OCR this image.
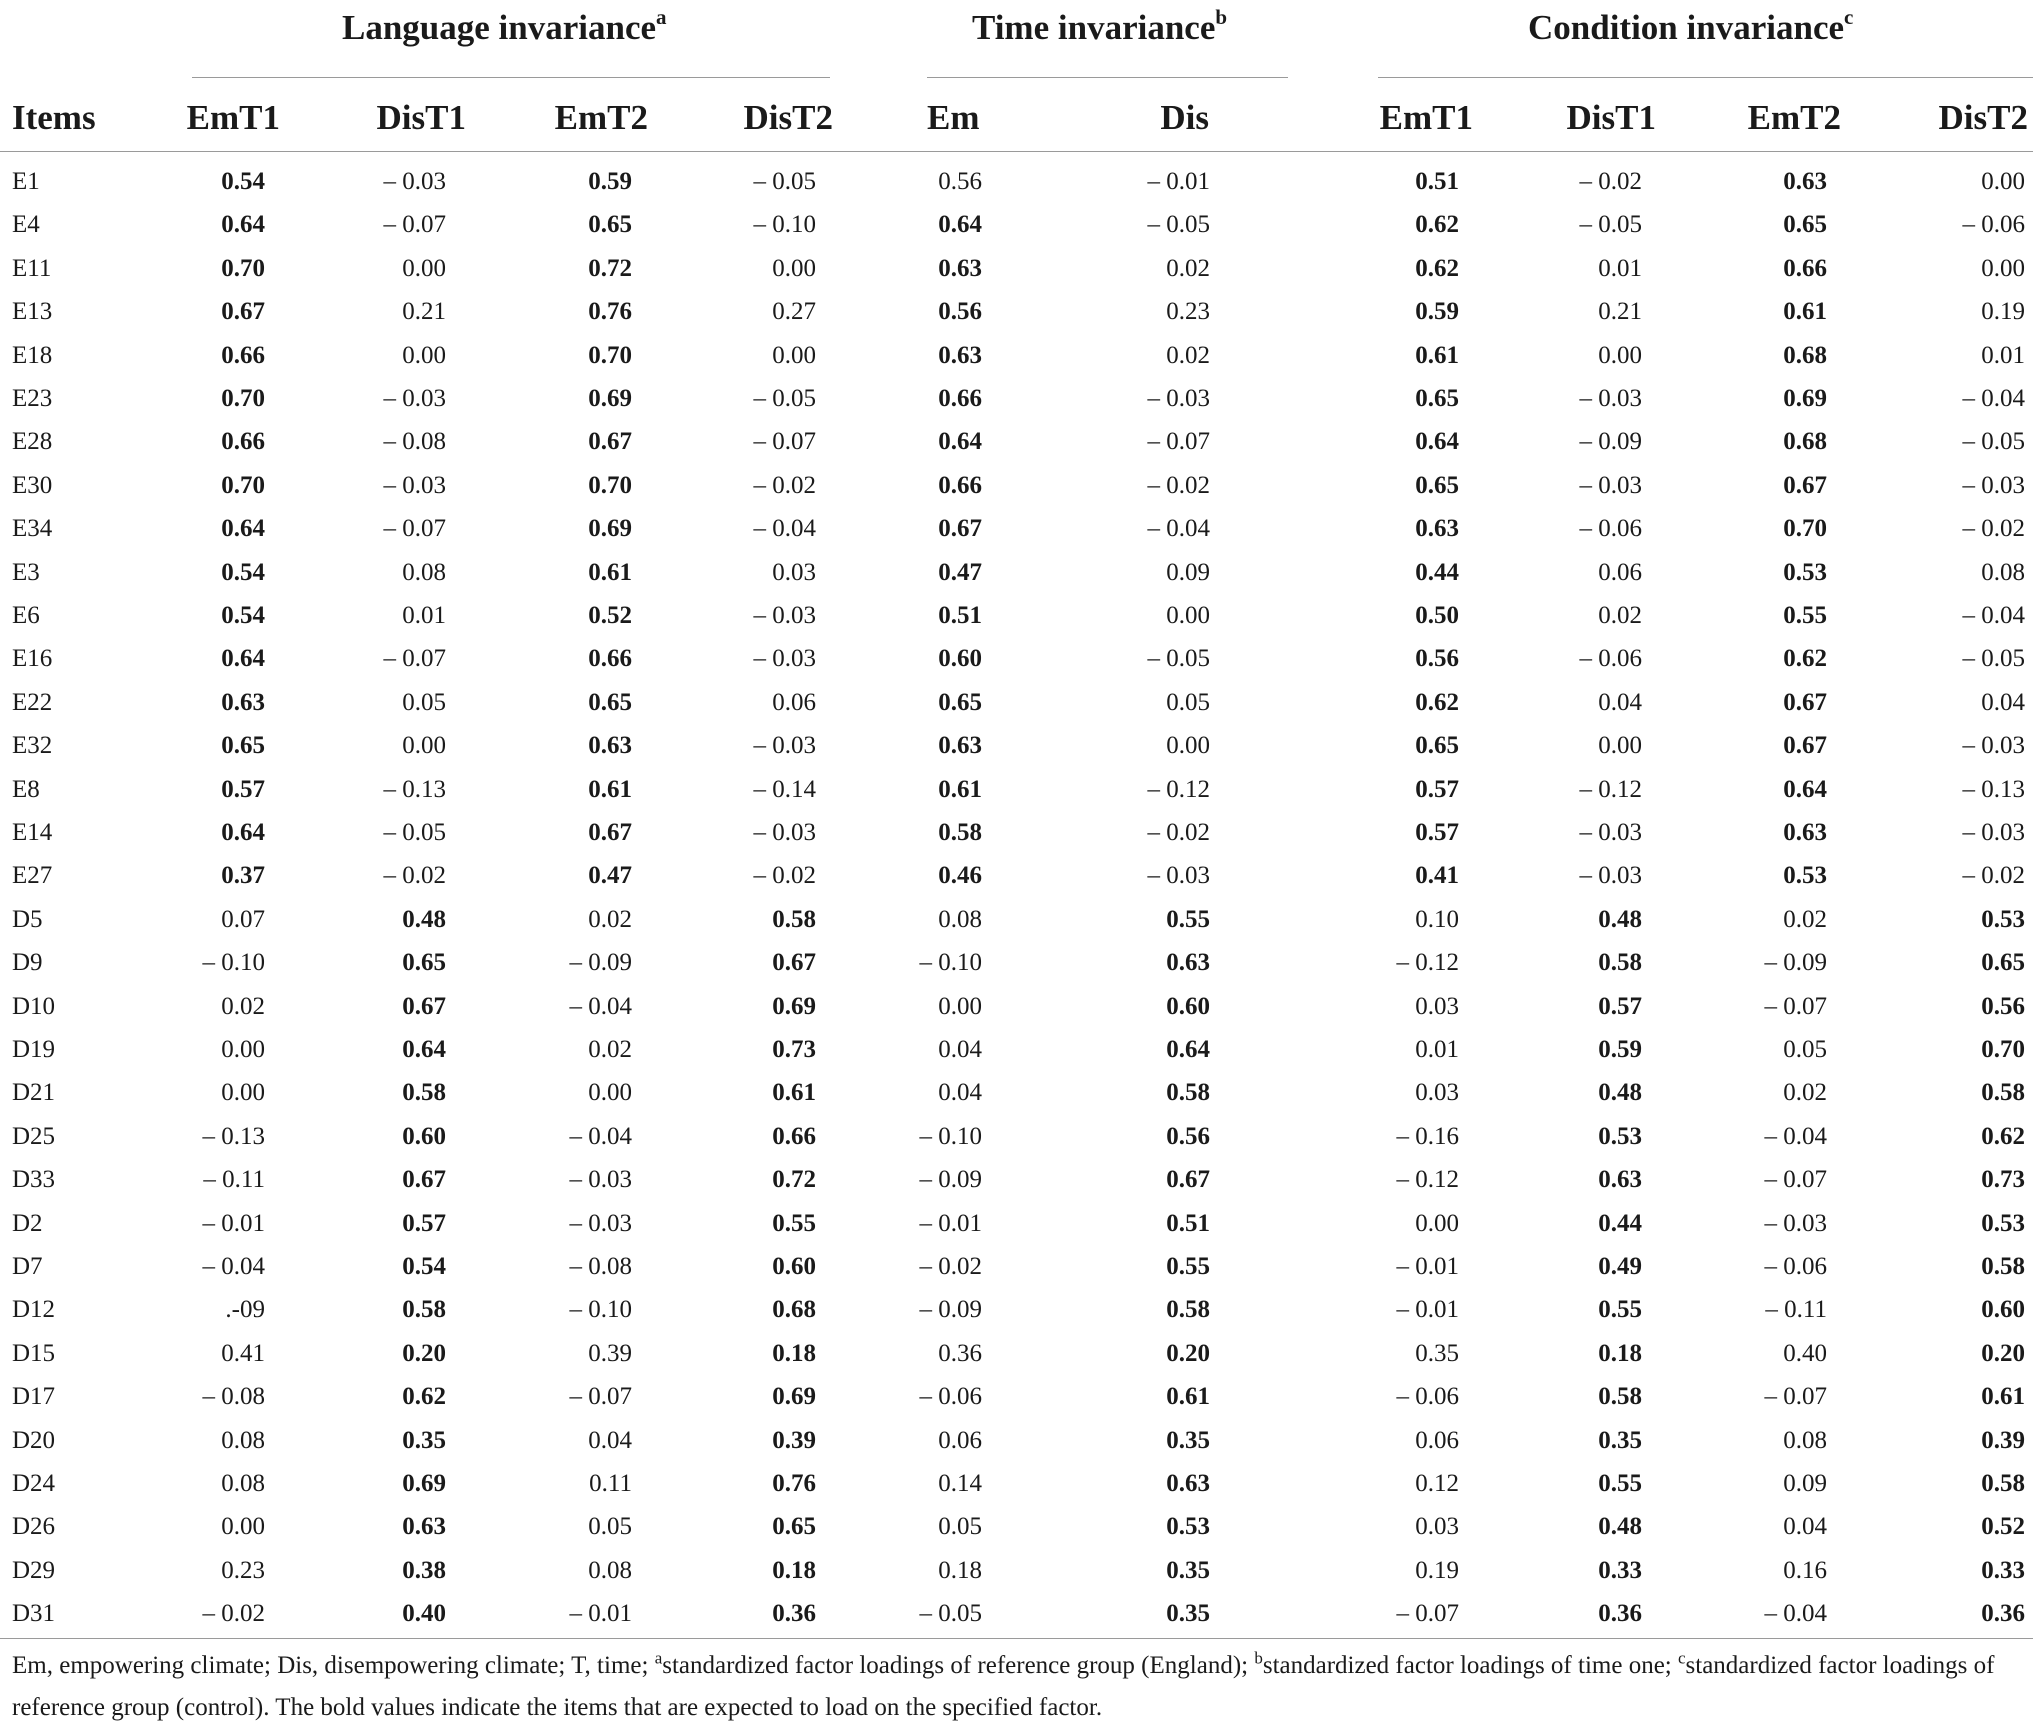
Language invariance$^a$	Time invariance$^b$	Condition invariance$^c$
Items	EmT1	DisT1	EmT2	DisT2	Em	Dis	EmT1	DisT1	EmT2	DisT2
E1	0.54	– 0.03	0.59	– 0.05	0.56	– 0.01	0.51	– 0.02	0.63	0.00
E4	0.64	– 0.07	0.65	– 0.10	0.64	– 0.05	0.62	– 0.05	0.65	– 0.06
E11	0.70	0.00	0.72	0.00	0.63	0.02	0.62	0.01	0.66	0.00
E13	0.67	0.21	0.76	0.27	0.56	0.23	0.59	0.21	0.61	0.19
E18	0.66	0.00	0.70	0.00	0.63	0.02	0.61	0.00	0.68	0.01
E23	0.70	– 0.03	0.69	– 0.05	0.66	– 0.03	0.65	– 0.03	0.69	– 0.04
E28	0.66	– 0.08	0.67	– 0.07	0.64	– 0.07	0.64	– 0.09	0.68	– 0.05
E30	0.70	– 0.03	0.70	– 0.02	0.66	– 0.02	0.65	– 0.03	0.67	– 0.03
E34	0.64	– 0.07	0.69	– 0.04	0.67	– 0.04	0.63	– 0.06	0.70	– 0.02
E3	0.54	0.08	0.61	0.03	0.47	0.09	0.44	0.06	0.53	0.08
E6	0.54	0.01	0.52	– 0.03	0.51	0.00	0.50	0.02	0.55	– 0.04
E16	0.64	– 0.07	0.66	– 0.03	0.60	– 0.05	0.56	– 0.06	0.62	– 0.05
E22	0.63	0.05	0.65	0.06	0.65	0.05	0.62	0.04	0.67	0.04
E32	0.65	0.00	0.63	– 0.03	0.63	0.00	0.65	0.00	0.67	– 0.03
E8	0.57	– 0.13	0.61	– 0.14	0.61	– 0.12	0.57	– 0.12	0.64	– 0.13
E14	0.64	– 0.05	0.67	– 0.03	0.58	– 0.02	0.57	– 0.03	0.63	– 0.03
E27	0.37	– 0.02	0.47	– 0.02	0.46	– 0.03	0.41	– 0.03	0.53	– 0.02
D5	0.07	0.48	0.02	0.58	0.08	0.55	0.10	0.48	0.02	0.53
D9	– 0.10	0.65	– 0.09	0.67	– 0.10	0.63	– 0.12	0.58	– 0.09	0.65
D10	0.02	0.67	– 0.04	0.69	0.00	0.60	0.03	0.57	– 0.07	0.56
D19	0.00	0.64	0.02	0.73	0.04	0.64	0.01	0.59	0.05	0.70
D21	0.00	0.58	0.00	0.61	0.04	0.58	0.03	0.48	0.02	0.58
D25	– 0.13	0.60	– 0.04	0.66	– 0.10	0.56	– 0.16	0.53	– 0.04	0.62
D33	– 0.11	0.67	– 0.03	0.72	– 0.09	0.67	– 0.12	0.63	– 0.07	0.73
D2	– 0.01	0.57	– 0.03	0.55	– 0.01	0.51	0.00	0.44	– 0.03	0.53
D7	– 0.04	0.54	– 0.08	0.60	– 0.02	0.55	– 0.01	0.49	– 0.06	0.58
D12	.-09	0.58	– 0.10	0.68	– 0.09	0.58	– 0.01	0.55	– 0.11	0.60
D15	0.41	0.20	0.39	0.18	0.36	0.20	0.35	0.18	0.40	0.20
D17	– 0.08	0.62	– 0.07	0.69	– 0.06	0.61	– 0.06	0.58	– 0.07	0.61
D20	0.08	0.35	0.04	0.39	0.06	0.35	0.06	0.35	0.08	0.39
D24	0.08	0.69	0.11	0.76	0.14	0.63	0.12	0.55	0.09	0.58
D26	0.00	0.63	0.05	0.65	0.05	0.53	0.03	0.48	0.04	0.52
D29	0.23	0.38	0.08	0.18	0.18	0.35	0.19	0.33	0.16	0.33
D31	– 0.02	0.40	– 0.01	0.36	– 0.05	0.35	– 0.07	0.36	– 0.04	0.36
Em, empowering climate; Dis, disempowering climate; T, time; $^a$standardized factor loadings of reference group (England); $^b$standardized factor loadings of time one; $^c$standardized factor loadings of reference group (control). The bold values indicate the items that are expected to load on the specified factor.
